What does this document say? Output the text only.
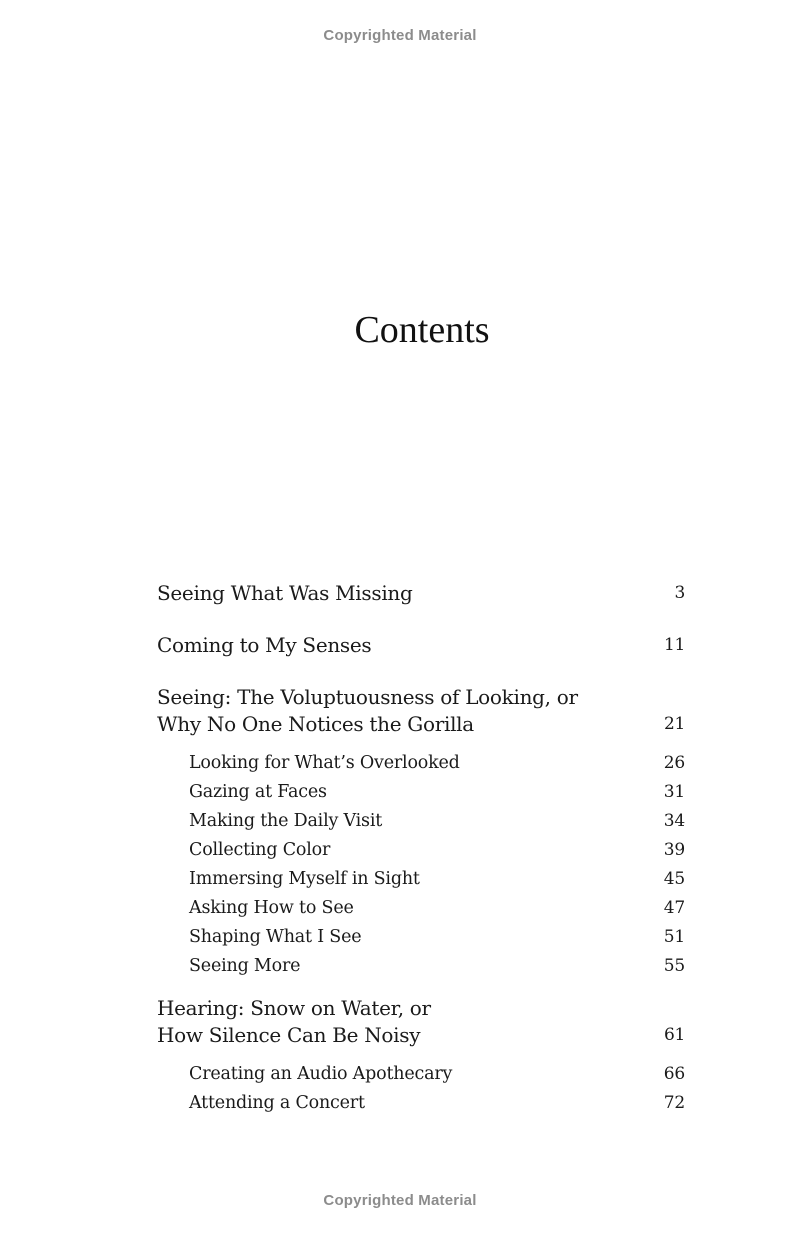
Copyrighted Material
Contents
Seeing What Was Missing	3
Coming to My Senses	11
Seeing: The Voluptuousness of Looking, or
Why No One Notices the Gorilla	21
Looking for What’s Overlooked	26
Gazing at Faces	31
Making the Daily Visit	34
Collecting Color	39
Immersing Myself in Sight	45
Asking How to See	47
Shaping What I See	51
Seeing More	55
Hearing: Snow on Water, or
How Silence Can Be Noisy	61
Creating an Audio Apothecary	66
Attending a Concert	72
Copyrighted Material
